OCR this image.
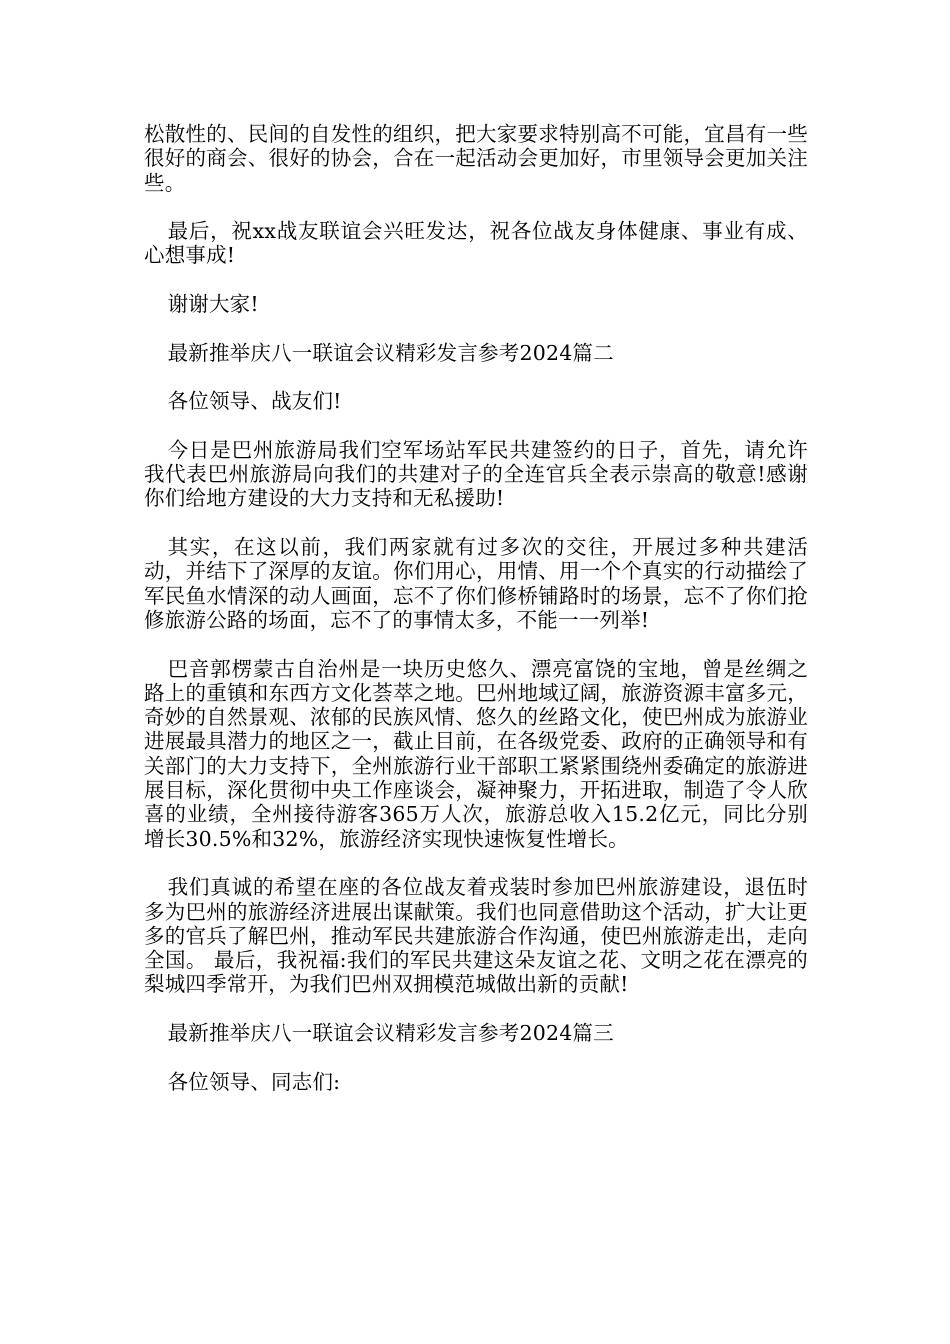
松散性的、民间的自发性的组织，把大家要求特别高不可能，宜昌有一些很好的商会、很好的协会，合在一起活动会更加好，市里领导会更加关注些。

最后，祝xx战友联谊会兴旺发达，祝各位战友身体健康、事业有成、心想事成!

谢谢大家!

最新推举庆八一联谊会议精彩发言参考2024篇二

各位领导、战友们!

今日是巴州旅游局我们空军场站军民共建签约的日子，首先，请允许我代表巴州旅游局向我们的共建对子的全连官兵全表示崇高的敬意!感谢你们给地方建设的大力支持和无私援助!

其实，在这以前，我们两家就有过多次的交往，开展过多种共建活动，并结下了深厚的友谊。你们用心，用情、用一个个真实的行动描绘了军民鱼水情深的动人画面，忘不了你们修桥铺路时的场景，忘不了你们抢修旅游公路的场面，忘不了的事情太多，不能一一列举!

巴音郭楞蒙古自治州是一块历史悠久、漂亮富饶的宝地，曾是丝绸之路上的重镇和东西方文化荟萃之地。巴州地域辽阔，旅游资源丰富多元，奇妙的自然景观、浓郁的民族风情、悠久的丝路文化，使巴州成为旅游业进展最具潜力的地区之一，截止目前，在各级党委、政府的正确领导和有关部门的大力支持下，全州旅游行业干部职工紧紧围绕州委确定的旅游进展目标，深化贯彻中央工作座谈会，凝神聚力，开拓进取，制造了令人欣喜的业绩，全州接待游客365万人次，旅游总收入15.2亿元，同比分别增长30.5%和32%，旅游经济实现快速恢复性增长。

我们真诚的希望在座的各位战友着戎装时参加巴州旅游建设，退伍时多为巴州的旅游经济进展出谋献策。我们也同意借助这个活动，扩大让更多的官兵了解巴州，推动军民共建旅游合作沟通，使巴州旅游走出，走向全国。 最后，我祝福:我们的军民共建这朵友谊之花、文明之花在漂亮的梨城四季常开，为我们巴州双拥模范城做出新的贡献!

最新推举庆八一联谊会议精彩发言参考2024篇三

各位领导、同志们:
